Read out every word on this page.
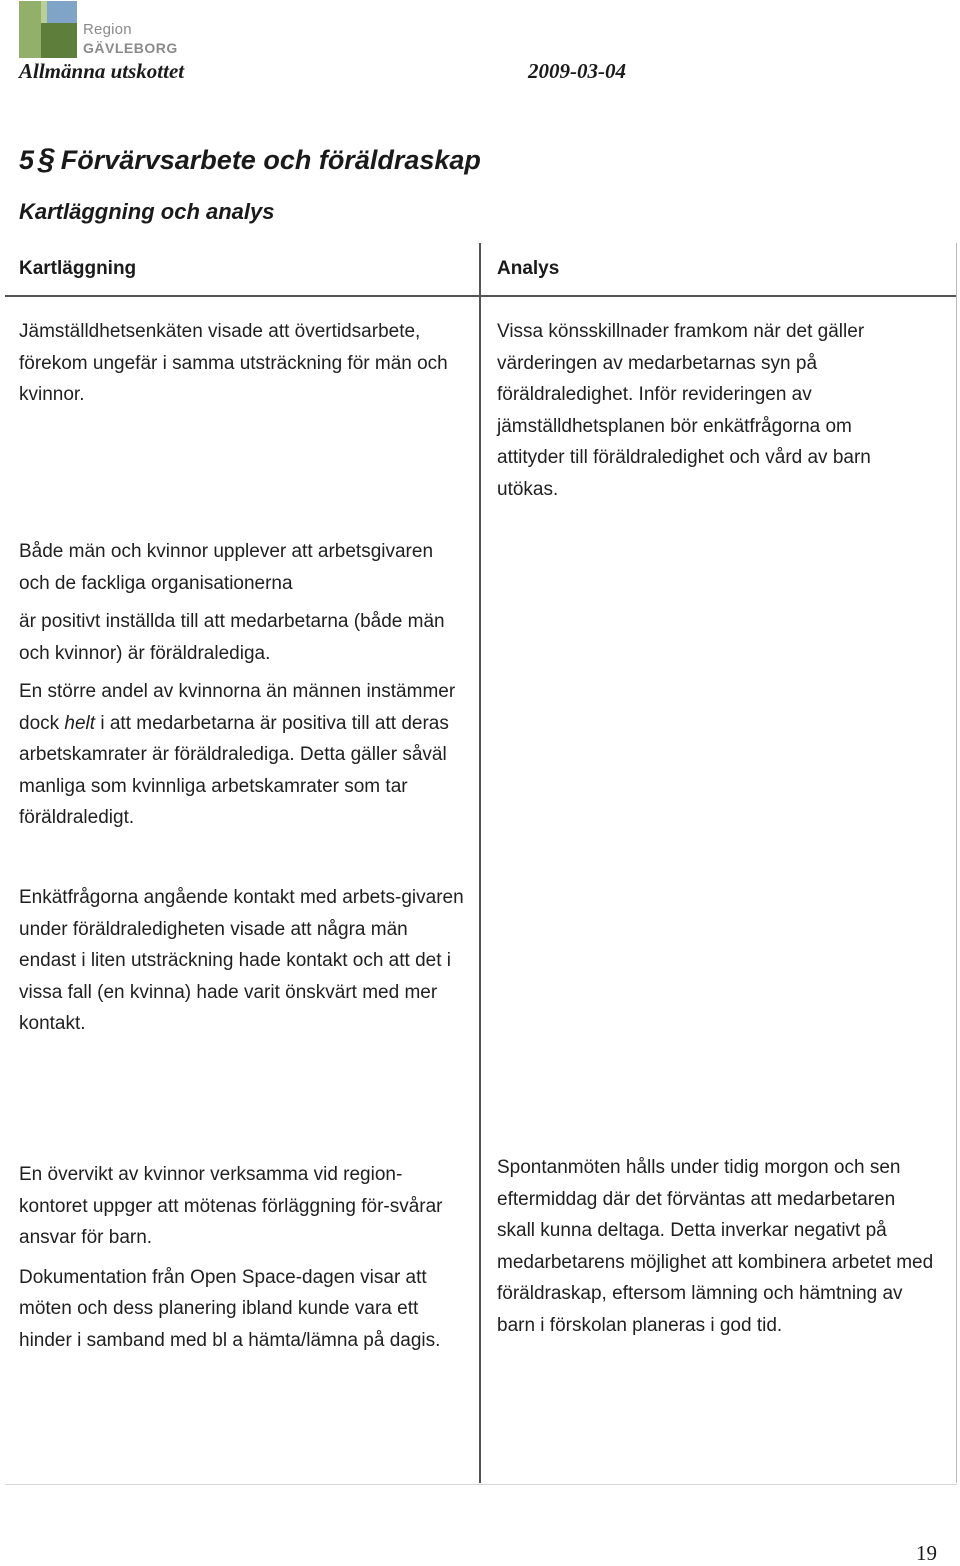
Region
GÄVLEBORG
Allmänna utskottet	2009-03-04
5 § Förvärvsarbete och föräldraskap
Kartläggning och analys
Kartläggning	Analys

Jämställdhetsenkäten visade att övertidsarbete, förekom ungefär i samma utsträckning för män och kvinnor.

Vissa könsskillnader framkom när det gäller värderingen av medarbetarnas syn på föräldraledighet. Inför revideringen av jämställdhetsplanen bör enkätfrågorna om attityder till föräldraledighet och vård av barn utökas.

Både män och kvinnor upplever att arbetsgivaren och de fackliga organisationerna

är positivt inställda till att medarbetarna (både män och kvinnor) är föräldralediga.

En större andel av kvinnorna än männen instämmer dock helt i att medarbetarna är positiva till att deras arbetskamrater är föräldralediga. Detta gäller såväl manliga som kvinnliga arbetskamrater som tar föräldraledigt.

Enkätfrågorna angående kontakt med arbets-givaren under föräldraledigheten visade att några män endast i liten utsträckning hade kontakt och att det i vissa fall (en kvinna) hade varit önskvärt med mer kontakt.

En övervikt av kvinnor verksamma vid region-kontoret uppger att mötenas förläggning för-svårar ansvar för barn.

Dokumentation från Open Space-dagen visar att möten och dess planering ibland kunde vara ett hinder i samband med bl a hämta/lämna på dagis.

Spontanmöten hålls under tidig morgon och sen eftermiddag där det förväntas att medarbetaren skall kunna deltaga. Detta inverkar negativt på medarbetarens möjlighet att kombinera arbetet med föräldraskap, eftersom lämning och hämtning av barn i förskolan planeras i god tid.

19
